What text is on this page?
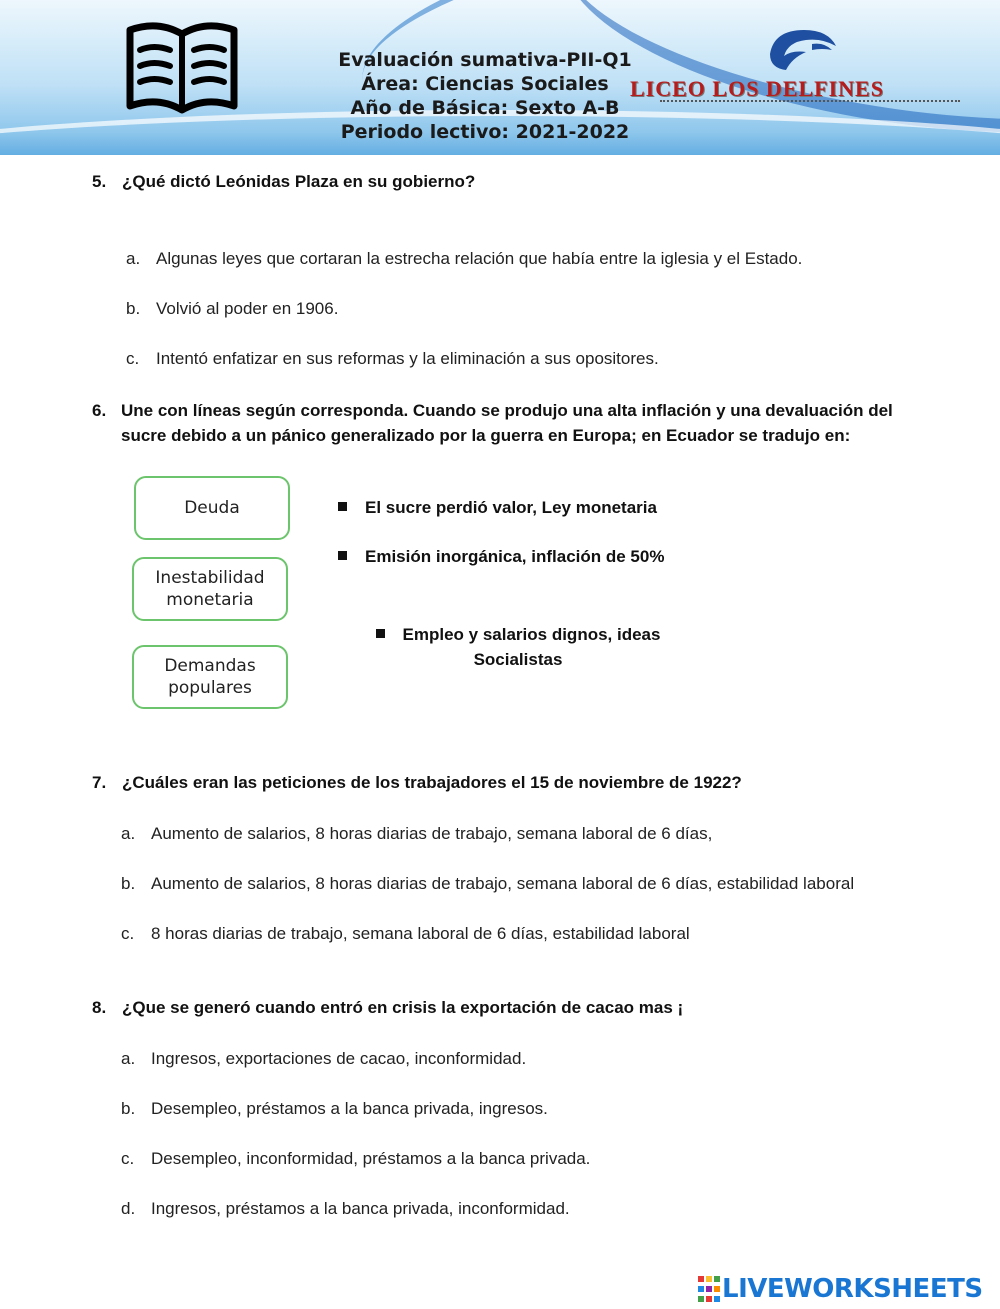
Evaluación sumativa-PII-Q1
Área: Ciencias Sociales
Año de Básica: Sexto A-B
Periodo lectivo: 2021-2022
LICEO LOS DELFINES
5. ¿Qué dictó Leónidas Plaza en su gobierno?
a. Algunas leyes que cortaran la estrecha relación que había entre la iglesia y el Estado.
b. Volvió al poder en 1906.
c. Intentó enfatizar en sus reformas y la eliminación a sus opositores.
6. Une con líneas según corresponda. Cuando se produjo una alta inflación y una devaluación del sucre debido a un pánico generalizado por la guerra en Europa; en Ecuador se tradujo en:
Deuda
Inestabilidad monetaria
Demandas populares
El sucre perdió valor, Ley monetaria
Emisión inorgánica, inflación de 50%
Empleo y salarios dignos, ideas Socialistas
7. ¿Cuáles eran las peticiones de los trabajadores el 15 de noviembre de 1922?
a. Aumento de salarios, 8 horas diarias de trabajo, semana laboral de 6 días,
b. Aumento de salarios, 8 horas diarias de trabajo, semana laboral de 6 días, estabilidad laboral
c. 8 horas diarias de trabajo, semana laboral de 6 días, estabilidad laboral
8. ¿Que se generó cuando entró en crisis la exportación de cacao mas ¡
a. Ingresos, exportaciones de cacao, inconformidad.
b. Desempleo, préstamos a la banca privada, ingresos.
c. Desempleo, inconformidad, préstamos a la banca privada.
d. Ingresos, préstamos a la banca privada, inconformidad.
LIVEWORKSHEETS
